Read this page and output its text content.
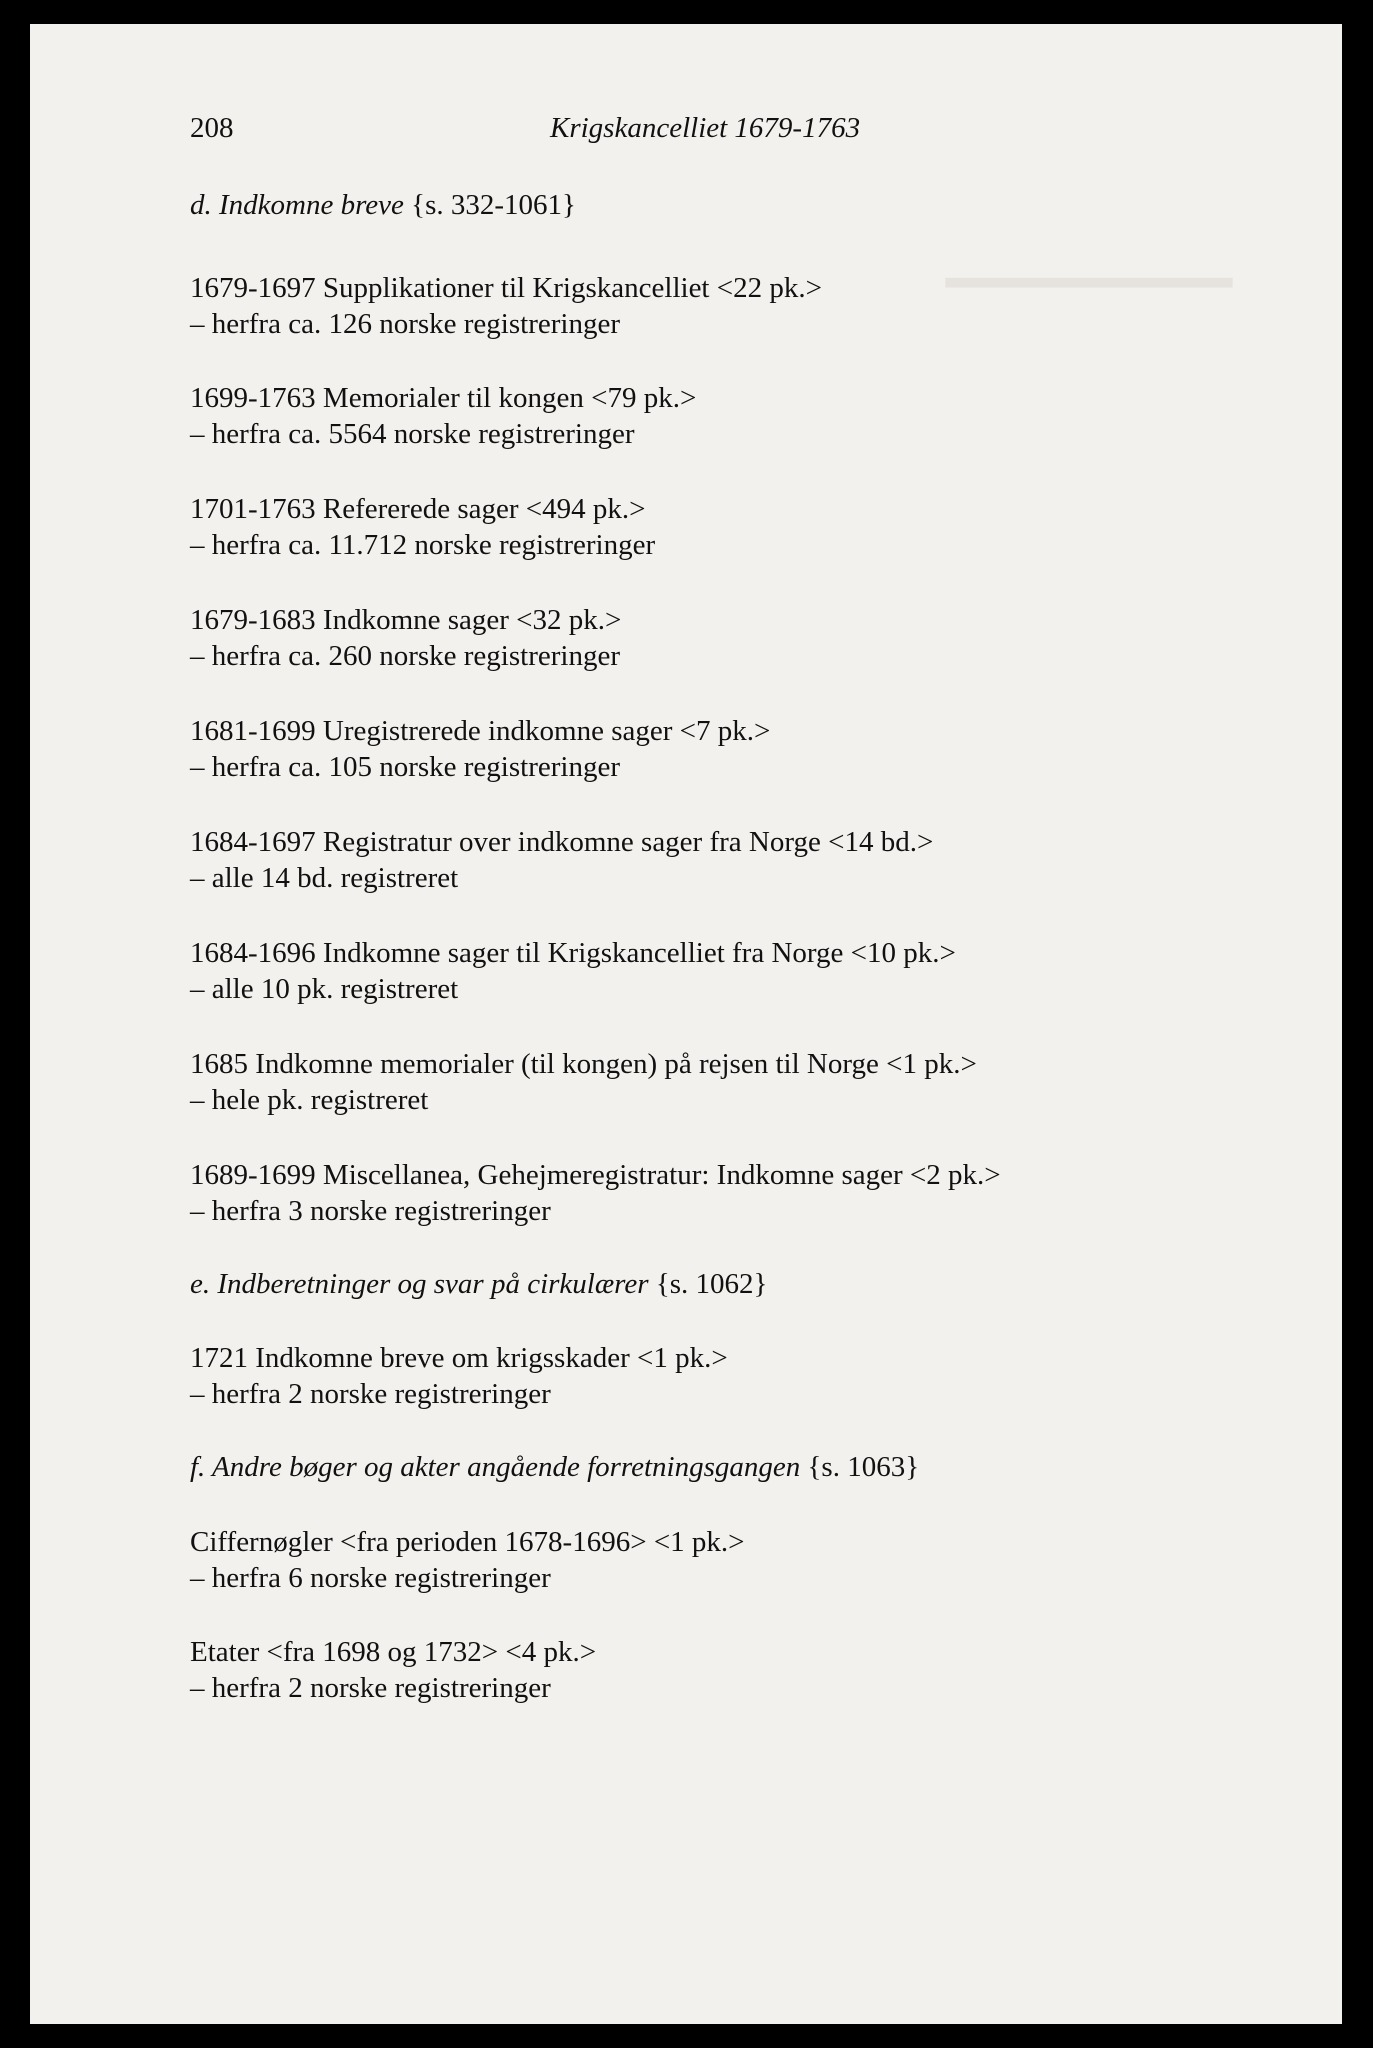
▁▁▁▁▁▁
208	Krigskancelliet 1679-1763
d. Indkomne breve {s. 332-1061}
1679-1697 Supplikationer til Krigskancelliet <22 pk.>
– herfra ca. 126 norske registreringer
1699-1763 Memorialer til kongen <79 pk.>
– herfra ca. 5564 norske registreringer
1701-1763 Refererede sager <494 pk.>
– herfra ca. 11.712 norske registreringer
1679-1683 Indkomne sager <32 pk.>
– herfra ca. 260 norske registreringer
1681-1699 Uregistrerede indkomne sager <7 pk.>
– herfra ca. 105 norske registreringer
1684-1697 Registratur over indkomne sager fra Norge <14 bd.>
– alle 14 bd. registreret
1684-1696 Indkomne sager til Krigskancelliet fra Norge <10 pk.>
– alle 10 pk. registreret
1685 Indkomne memorialer (til kongen) på rejsen til Norge <1 pk.>
– hele pk. registreret
1689-1699 Miscellanea, Gehejmeregistratur: Indkomne sager <2 pk.>
– herfra 3 norske registreringer
e. Indberetninger og svar på cirkulærer {s. 1062}
1721 Indkomne breve om krigsskader <1 pk.>
– herfra 2 norske registreringer
f. Andre bøger og akter angående forretningsgangen {s. 1063}
Ciffernøgler <fra perioden 1678-1696> <1 pk.>
– herfra 6 norske registreringer
Etater <fra 1698 og 1732> <4 pk.>
– herfra 2 norske registreringer
